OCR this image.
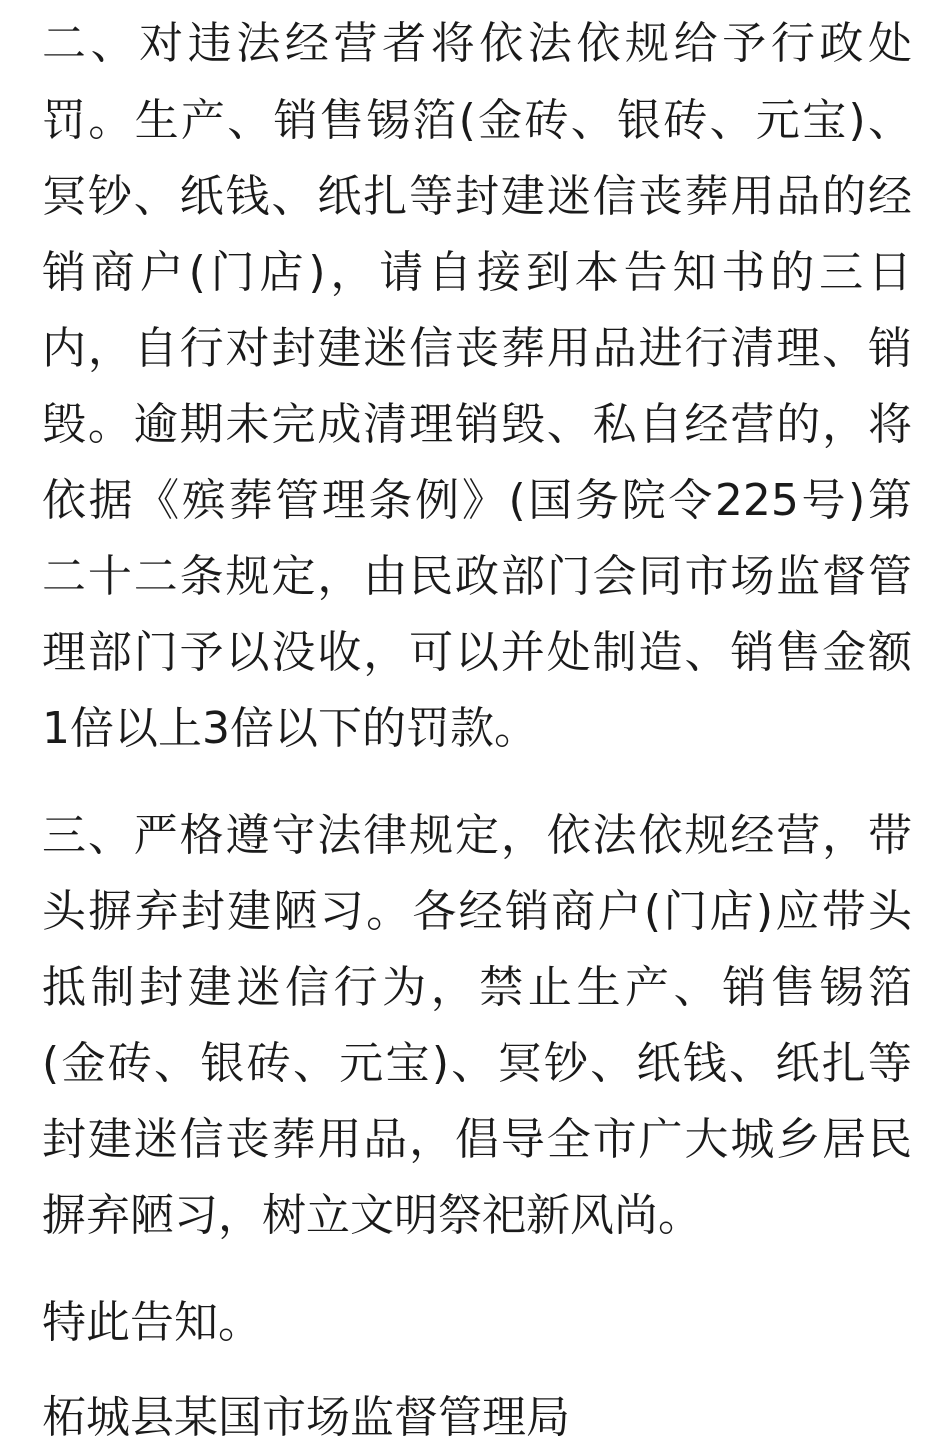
二、对违法经营者将依法依规给予行政处
罚。生产、销售锡箔(金砖、银砖、元宝)、
冥钞、纸钱、纸扎等封建迷信丧葬用品的经
销商户(门店)，请自接到本告知书的三日
内，自行对封建迷信丧葬用品进行清理、销
毁。逾期未完成清理销毁、私自经营的，将
依据《殡葬管理条例》(国务院令225号)第
二十二条规定，由民政部门会同市场监督管
理部门予以没收，可以并处制造、销售金额
1倍以上3倍以下的罚款。
三、严格遵守法律规定，依法依规经营，带
头摒弃封建陋习。各经销商户(门店)应带头
抵制封建迷信行为，禁止生产、销售锡箔
(金砖、银砖、元宝)、冥钞、纸钱、纸扎等
封建迷信丧葬用品，倡导全市广大城乡居民
摒弃陋习，树立文明祭祀新风尚。
特此告知。
柘城县某国市场监督管理局
